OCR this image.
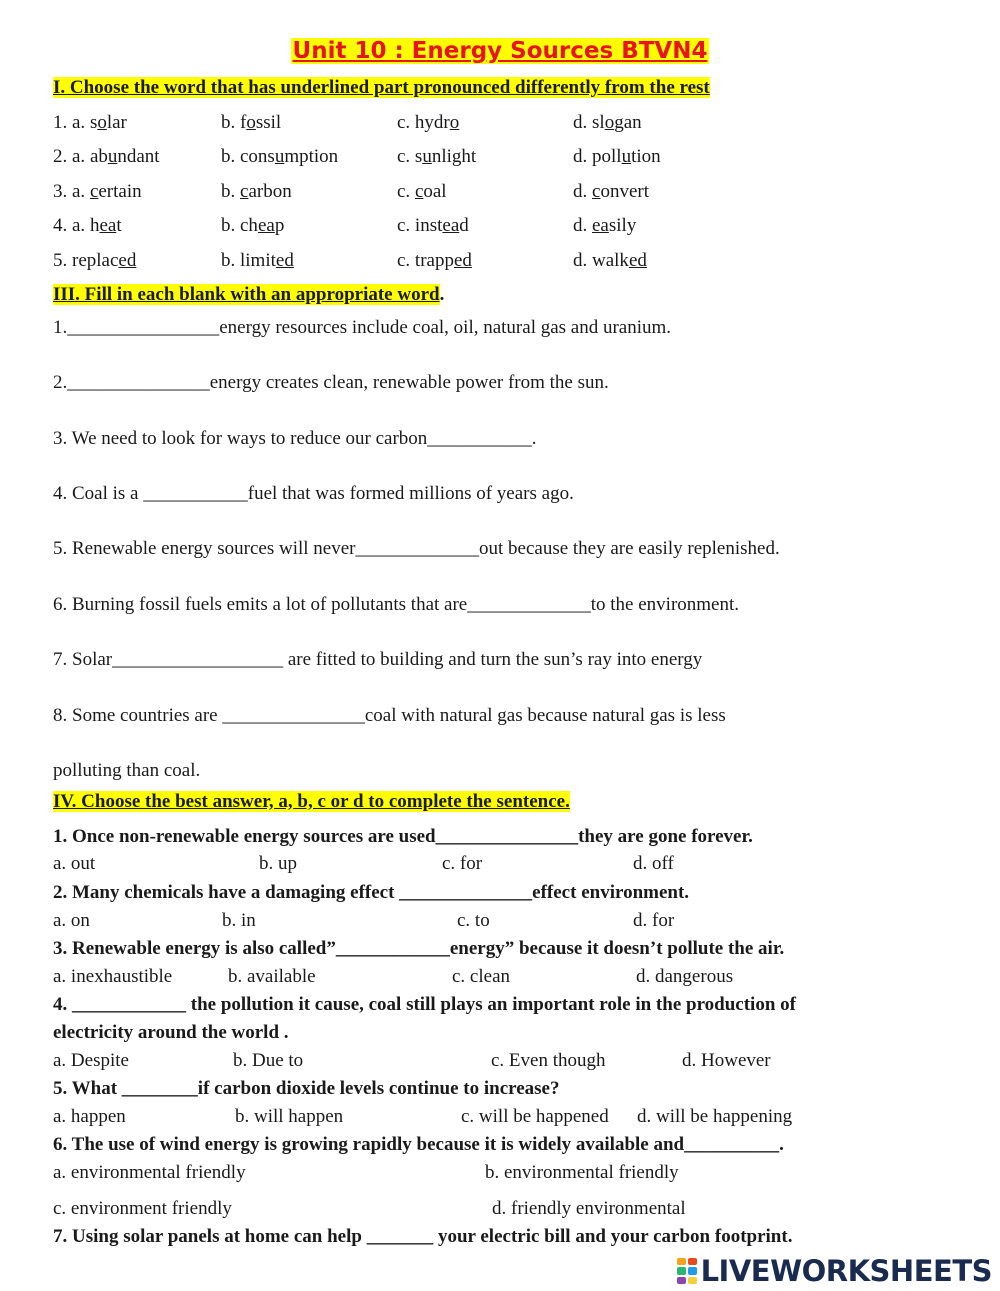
Unit 10 : Energy Sources BTVN4
I. Choose the word that has underlined part pronounced differently from the rest
1. a. solar	b. fossil	c. hydro	d. slogan
2. a. abundant	b. consumption	c. sunlight	d. pollution
3. a. certain	b. carbon	c. coal	d. convert
4. a. heat	b. cheap	c. instead	d. easily
5. replaced	b. limited	c. trapped	d. walked
III. Fill in each blank with an appropriate word.
1.________________energy resources include coal, oil, natural gas and uranium.
2._______________energy creates clean, renewable power from the sun.
3. We need to look for ways to reduce our carbon___________.
4. Coal is a ___________fuel that was formed millions of years ago.
5. Renewable energy sources will never_____________out because they are easily replenished.
6. Burning fossil fuels emits a lot of pollutants that are_____________to the environment.
7. Solar__________________ are fitted to building and turn the sun’s ray into energy
8. Some countries are _______________coal with natural gas because natural gas is less
polluting than coal.
IV. Choose the best answer, a, b, c or d to complete the sentence.
1. Once non-renewable energy sources are used_______________they are gone forever.
a. out	b. up	c. for	d. off
2. Many chemicals have a damaging effect ______________effect environment.
a. on	b. in	c. to	d. for
3. Renewable energy is also called”____________energy” because it doesn’t pollute the air.
a. inexhaustible	b. available	c. clean	d. dangerous
4. ____________ the pollution it cause, coal still plays an important role in the production of
electricity around the world .
a. Despite	b. Due to	c. Even though	d. However
5. What ________if carbon dioxide levels continue to increase?
a. happen	b. will happen	c. will be happened d. will be happening
6. The use of wind energy is growing rapidly because it is widely available and__________.
a. environmental friendly	b. environmental friendly
c. environment friendly	d. friendly environmental
7. Using solar panels at home can help _______ your electric bill and your carbon footprint.
LIVEWORKSHEETS
